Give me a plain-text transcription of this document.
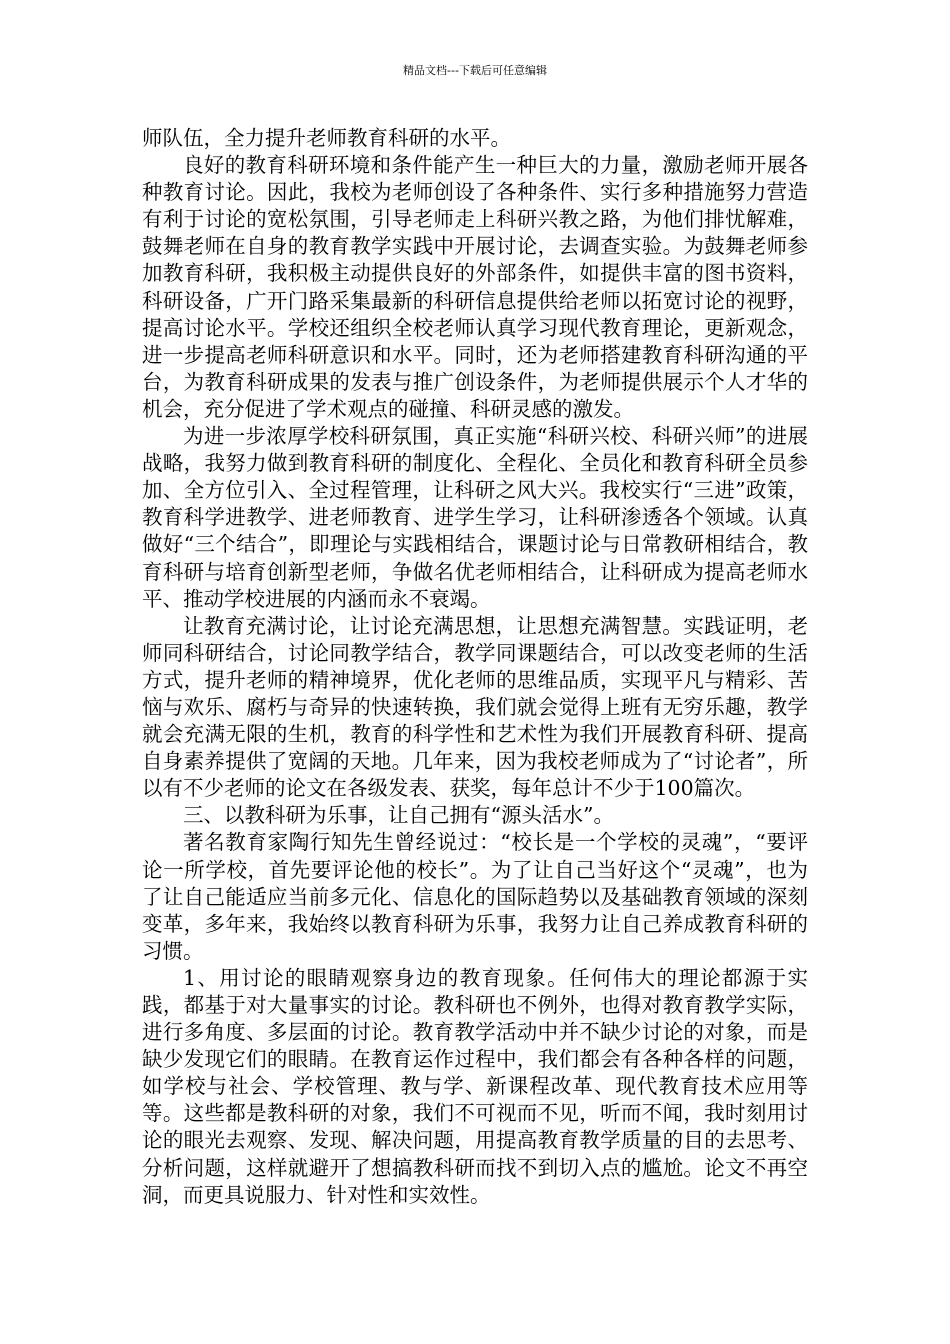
精品文档---下载后可任意编辑

师队伍，全力提升老师教育科研的水平。

良好的教育科研环境和条件能产生一种巨大的力量，激励老师开展各种教育讨论。因此，我校为老师创设了各种条件、实行多种措施努力营造有利于讨论的宽松氛围，引导老师走上科研兴教之路，为他们排忧解难，鼓舞老师在自身的教育教学实践中开展讨论，去调查实验。为鼓舞老师参加教育科研，我积极主动提供良好的外部条件，如提供丰富的图书资料，科研设备，广开门路采集最新的科研信息提供给老师以拓宽讨论的视野，提高讨论水平。学校还组织全校老师认真学习现代教育理论，更新观念，进一步提高老师科研意识和水平。同时，还为老师搭建教育科研沟通的平台，为教育科研成果的发表与推广创设条件，为老师提供展示个人才华的机会，充分促进了学术观点的碰撞、科研灵感的激发。

为进一步浓厚学校科研氛围，真正实施“科研兴校、科研兴师”的进展战略，我努力做到教育科研的制度化、全程化、全员化和教育科研全员参加、全方位引入、全过程管理，让科研之风大兴。我校实行“三进”政策，教育科学进教学、进老师教育、进学生学习，让科研渗透各个领域。认真做好“三个结合”，即理论与实践相结合，课题讨论与日常教研相结合，教育科研与培育创新型老师，争做名优老师相结合，让科研成为提高老师水平、推动学校进展的内涵而永不衰竭。

让教育充满讨论，让讨论充满思想，让思想充满智慧。实践证明，老师同科研结合，讨论同教学结合，教学同课题结合，可以改变老师的生活方式，提升老师的精神境界，优化老师的思维品质，实现平凡与精彩、苦恼与欢乐、腐朽与奇异的快速转换，我们就会觉得上班有无穷乐趣，教学就会充满无限的生机，教育的科学性和艺术性为我们开展教育科研、提高自身素养提供了宽阔的天地。几年来，因为我校老师成为了“讨论者”，所以有不少老师的论文在各级发表、获奖，每年总计不少于100篇次。

三、以教科研为乐事，让自己拥有“源头活水”。

著名教育家陶行知先生曾经说过：“校长是一个学校的灵魂”，“要评论一所学校，首先要评论他的校长”。为了让自己当好这个“灵魂”，也为了让自己能适应当前多元化、信息化的国际趋势以及基础教育领域的深刻变革，多年来，我始终以教育科研为乐事，我努力让自己养成教育科研的习惯。

1、用讨论的眼睛观察身边的教育现象。任何伟大的理论都源于实践，都基于对大量事实的讨论。教科研也不例外，也得对教育教学实际，进行多角度、多层面的讨论。教育教学活动中并不缺少讨论的对象，而是缺少发现它们的眼睛。在教育运作过程中，我们都会有各种各样的问题，如学校与社会、学校管理、教与学、新课程改革、现代教育技术应用等等。这些都是教科研的对象，我们不可视而不见，听而不闻，我时刻用讨论的眼光去观察、发现、解决问题，用提高教育教学质量的目的去思考、分析问题，这样就避开了想搞教科研而找不到切入点的尴尬。论文不再空洞，而更具说服力、针对性和实效性。
